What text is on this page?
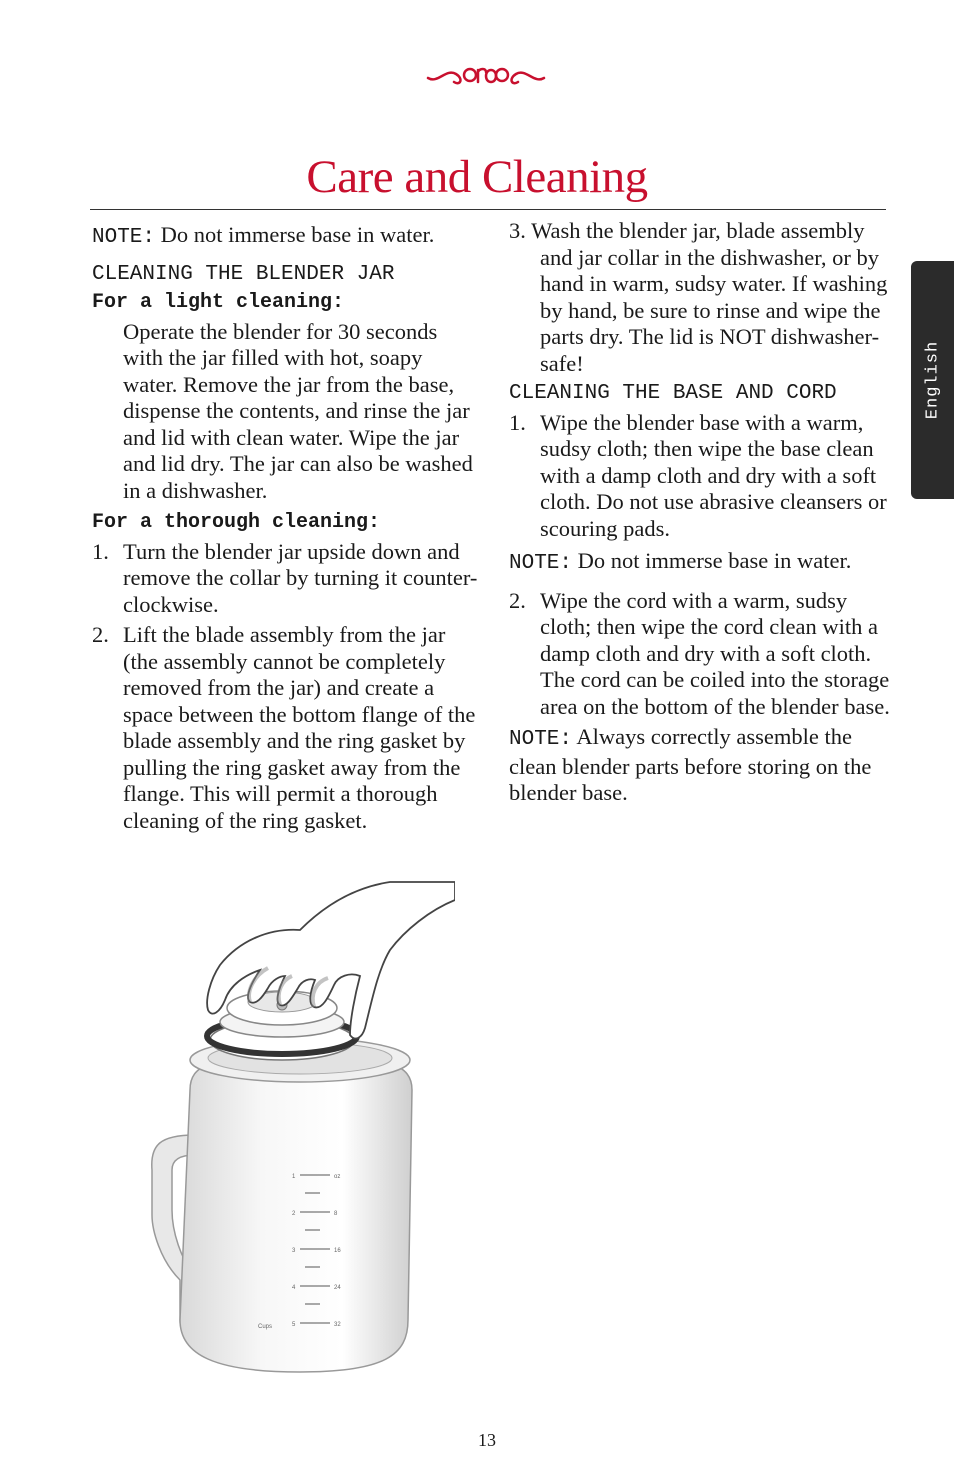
Care and Cleaning
English

NOTE: Do not immerse base in water.

CLEANING THE BLENDER JAR

For a light cleaning:

Operate the blender for 30 seconds with the jar filled with hot, soapy water. Remove the jar from the base, dispense the contents, and rinse the jar and lid with clean water. Wipe the jar and lid dry. The jar can also be washed in a dishwasher.

For a thorough cleaning:

1. Turn the blender jar upside down and remove the collar by turning it counter-clockwise.
2. Lift the blade assembly from the jar (the assembly cannot be completely removed from the jar) and create a space between the bottom flange of the blade assembly and the ring gasket by pulling the ring gasket away from the flange. This will permit a thorough cleaning of the ring gasket.

3. Wash the blender jar, blade assembly and jar collar in the dishwasher, or by hand in warm, sudsy water. If washing by hand, be sure to rinse and wipe the parts dry. The lid is NOT dishwasher-safe!

CLEANING THE BASE AND CORD

1. Wipe the blender base with a warm, sudsy cloth; then wipe the base clean with a damp cloth and dry with a soft cloth. Do not use abrasive cleansers or scouring pads.

NOTE: Do not immerse base in water.

2. Wipe the cord with a warm, sudsy cloth; then wipe the cord clean with a damp cloth and dry with a soft cloth. The cord can be coiled into the storage area on the bottom of the blender base.

NOTE: Always correctly assemble the clean blender parts before storing on the blender base.

1
2
3
4
5
oz
8
16
24
32
Cups
13
